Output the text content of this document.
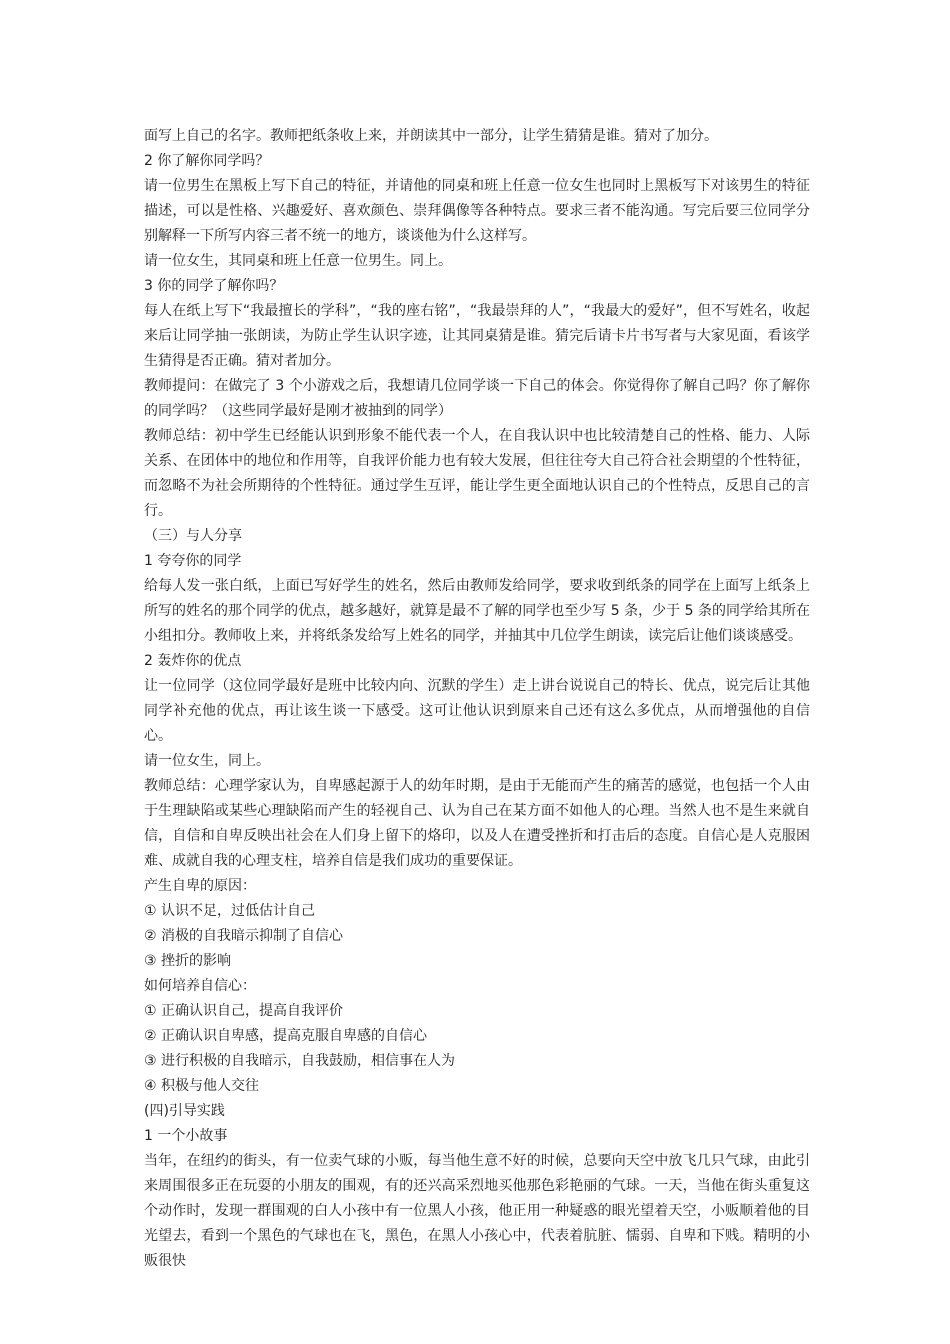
面写上自己的名字。教师把纸条收上来，并朗读其中一部分，让学生猜猜是谁。猜对了加分。

2 你了解你同学吗？

请一位男生在黑板上写下自己的特征，并请他的同桌和班上任意一位女生也同时上黑板写下对该男生的特征描述，可以是性格、兴趣爱好、喜欢颜色、崇拜偶像等各种特点。要求三者不能沟通。写完后要三位同学分别解释一下所写内容三者不统一的地方，谈谈他为什么这样写。

请一位女生，其同桌和班上任意一位男生。同上。

3 你的同学了解你吗？

每人在纸上写下“我最擅长的学科”，“我的座右铭”，“我最崇拜的人”，“我最大的爱好”，但不写姓名，收起来后让同学抽一张朗读，为防止学生认识字迹，让其同桌猜是谁。猜完后请卡片书写者与大家见面，看该学生猜得是否正确。猜对者加分。

教师提问：在做完了 3 个小游戏之后，我想请几位同学谈一下自己的体会。你觉得你了解自己吗？你了解你的同学吗？（这些同学最好是刚才被抽到的同学）

教师总结：初中学生已经能认识到形象不能代表一个人，在自我认识中也比较清楚自己的性格、能力、人际关系、在团体中的地位和作用等，自我评价能力也有较大发展，但往往夸大自己符合社会期望的个性特征，而忽略不为社会所期待的个性特征。通过学生互评，能让学生更全面地认识自己的个性特点，反思自己的言行。

（三）与人分享

1 夸夸你的同学

给每人发一张白纸，上面已写好学生的姓名，然后由教师发给同学，要求收到纸条的同学在上面写上纸条上所写的姓名的那个同学的优点，越多越好，就算是最不了解的同学也至少写 5 条，少于 5 条的同学给其所在小组扣分。教师收上来，并将纸条发给写上姓名的同学，并抽其中几位学生朗读，读完后让他们谈谈感受。

2 轰炸你的优点

让一位同学（这位同学最好是班中比较内向、沉默的学生）走上讲台说说自己的特长、优点，说完后让其他同学补充他的优点，再让该生谈一下感受。这可让他认识到原来自己还有这么多优点，从而增强他的自信心。

请一位女生，同上。

教师总结：心理学家认为，自卑感起源于人的幼年时期，是由于无能而产生的痛苦的感觉，也包括一个人由于生理缺陷或某些心理缺陷而产生的轻视自己、认为自己在某方面不如他人的心理。当然人也不是生来就自信，自信和自卑反映出社会在人们身上留下的烙印，以及人在遭受挫折和打击后的态度。自信心是人克服困难、成就自我的心理支柱，培养自信是我们成功的重要保证。

产生自卑的原因：

① 认识不足，过低估计自己

② 消极的自我暗示抑制了自信心

③ 挫折的影响

如何培养自信心：

① 正确认识自己，提高自我评价

② 正确认识自卑感，提高克服自卑感的自信心

③ 进行积极的自我暗示，自我鼓励，相信事在人为

④ 积极与他人交往

(四)引导实践

1 一个小故事

当年，在纽约的街头，有一位卖气球的小贩，每当他生意不好的时候，总要向天空中放飞几只气球，由此引来周围很多正在玩耍的小朋友的围观，有的还兴高采烈地买他那色彩艳丽的气球。一天，当他在街头重复这个动作时，发现一群围观的白人小孩中有一位黑人小孩，他正用一种疑惑的眼光望着天空，小贩顺着他的目光望去，看到一个黑色的气球也在飞，黑色，在黑人小孩心中，代表着肮脏、懦弱、自卑和下贱。精明的小贩很快
